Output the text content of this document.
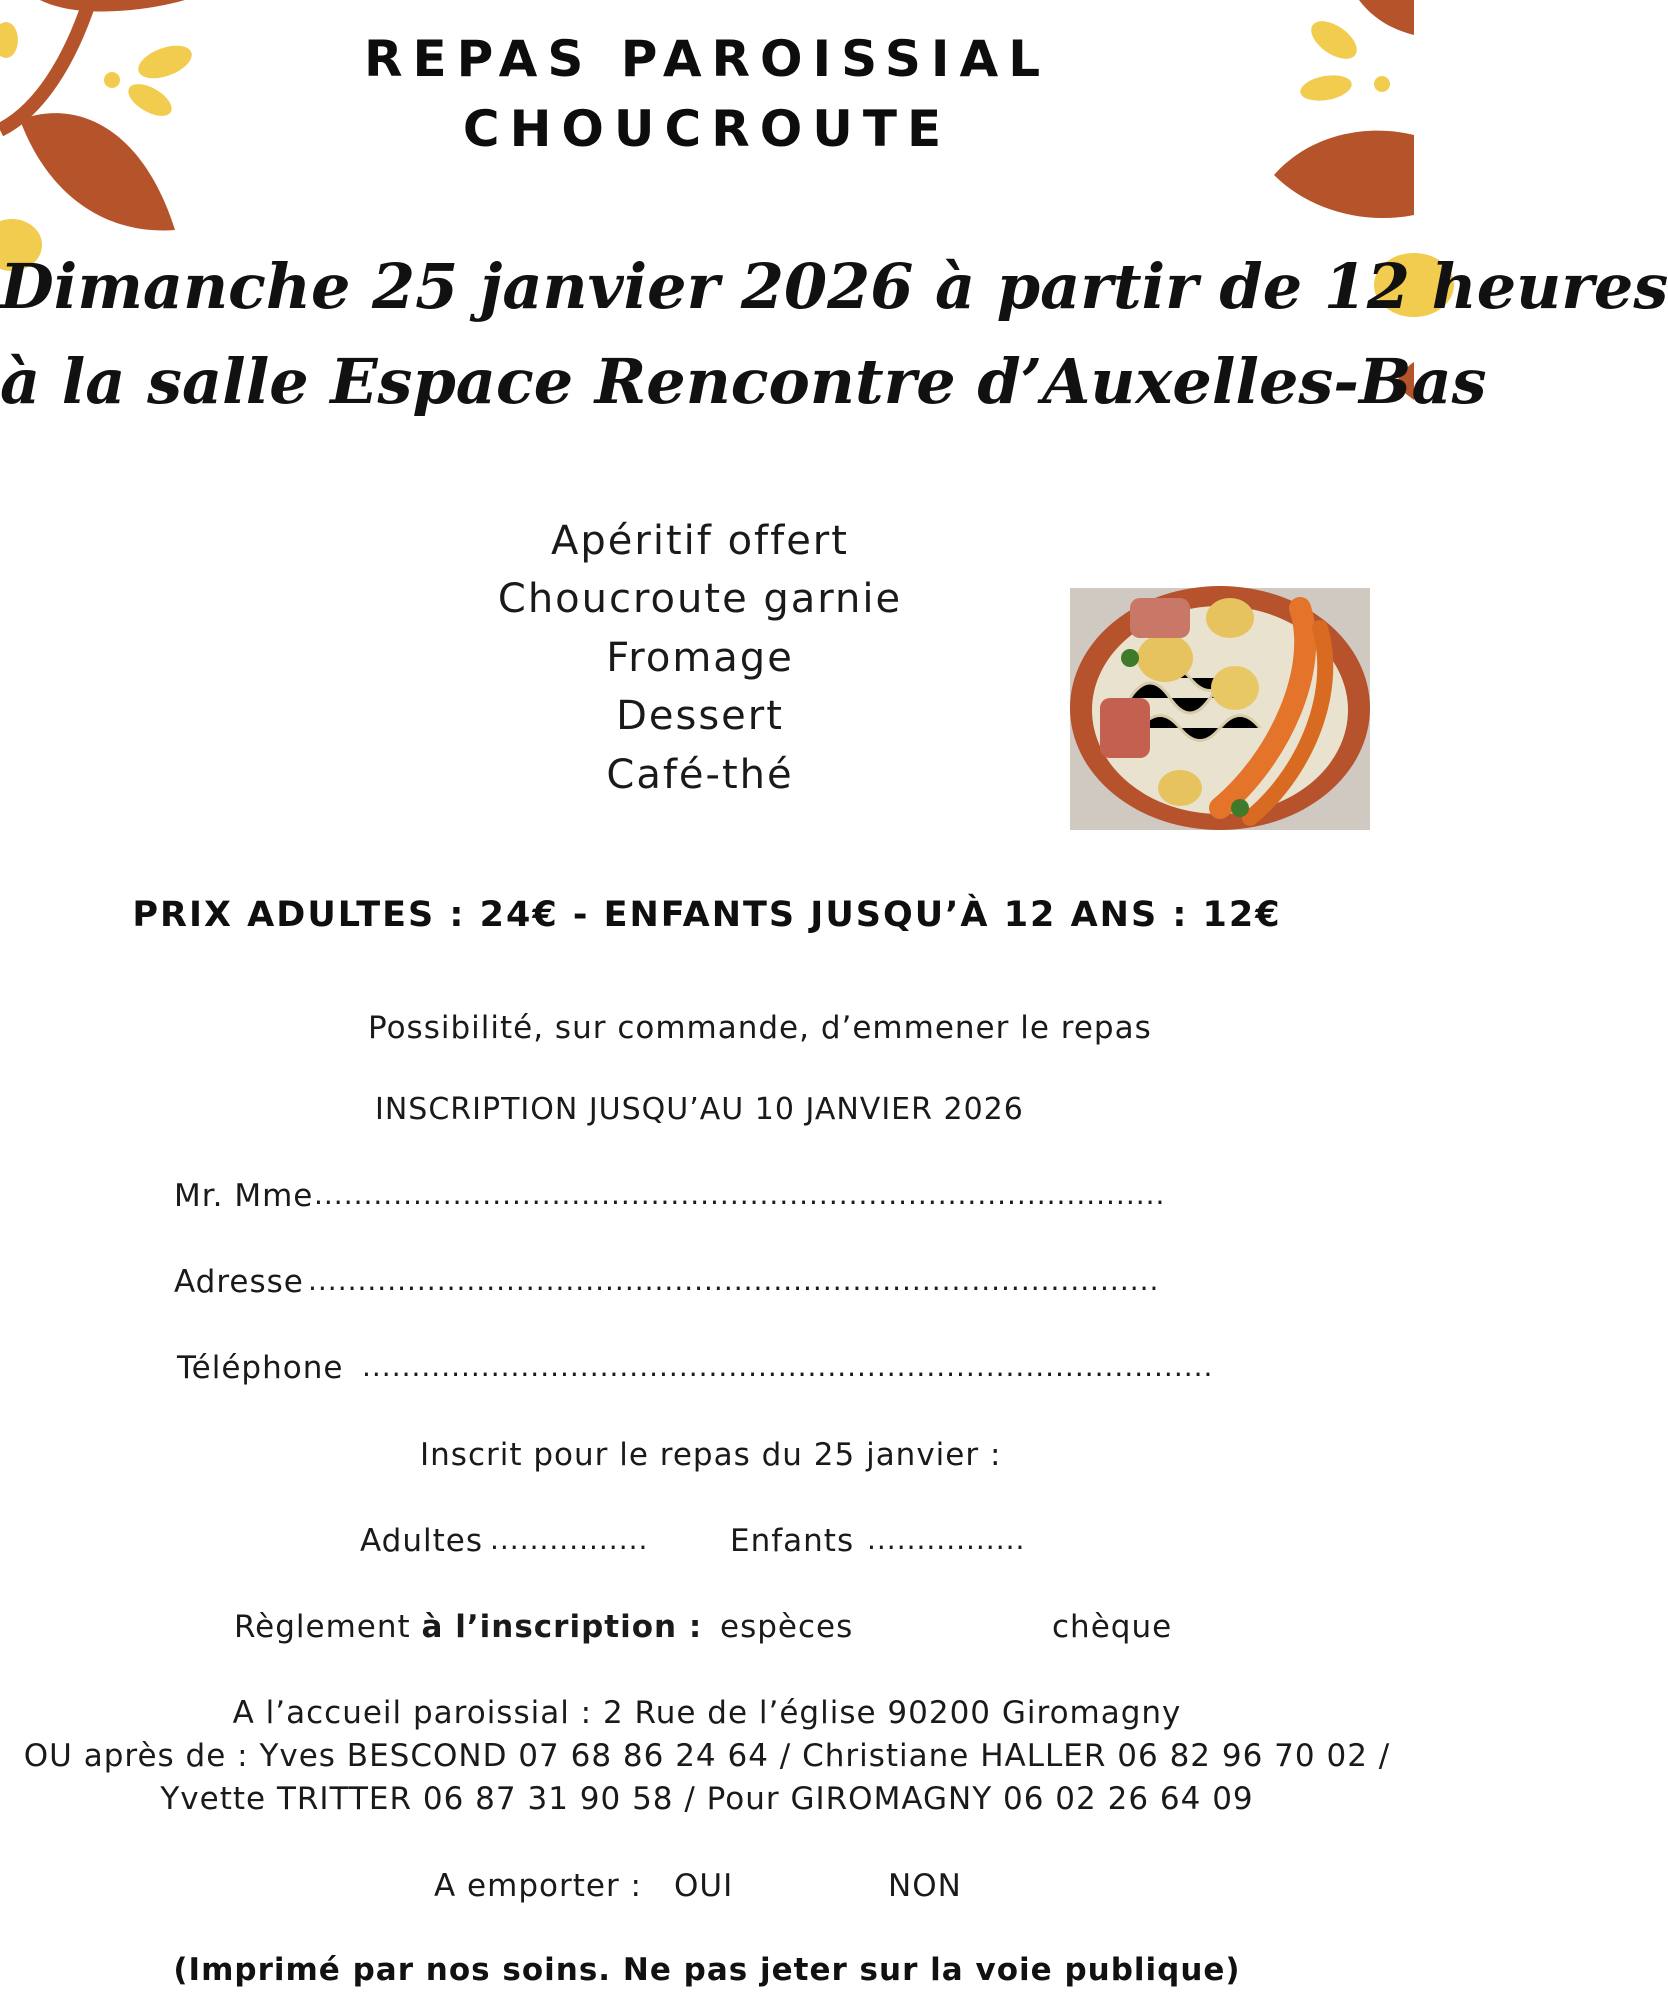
REPAS PAROISSIAL
CHOUCROUTE
Dimanche 25 janvier 2026 à partir de 12 heures
à la salle Espace Rencontre d’Auxelles-Bas
Apéritif offert
Choucroute garnie
Fromage
Dessert
Café-thé
PRIX ADULTES : 24€ - ENFANTS JUSQU’À 12 ANS : 12€
Possibilité, sur commande, d’emmener le repas
INSCRIPTION JUSQU’AU 10 JANVIER 2026
Mr. Mme ......................................................................................
Adresse ......................................................................................
Téléphone ......................................................................................
Inscrit pour le repas du 25 janvier :
Adultes ................	Enfants ................
Règlement à l’inscription : espèces	chèque
A l’accueil paroissial : 2 Rue de l’église 90200 Giromagny
OU après de : Yves BESCOND 07 68 86 24 64 / Christiane HALLER 06 82 96 70 02 /
Yvette TRITTER 06 87 31 90 58 / Pour GIROMAGNY 06 02 26 64 09
A emporter : OUI	NON
(Imprimé par nos soins. Ne pas jeter sur la voie publique)
